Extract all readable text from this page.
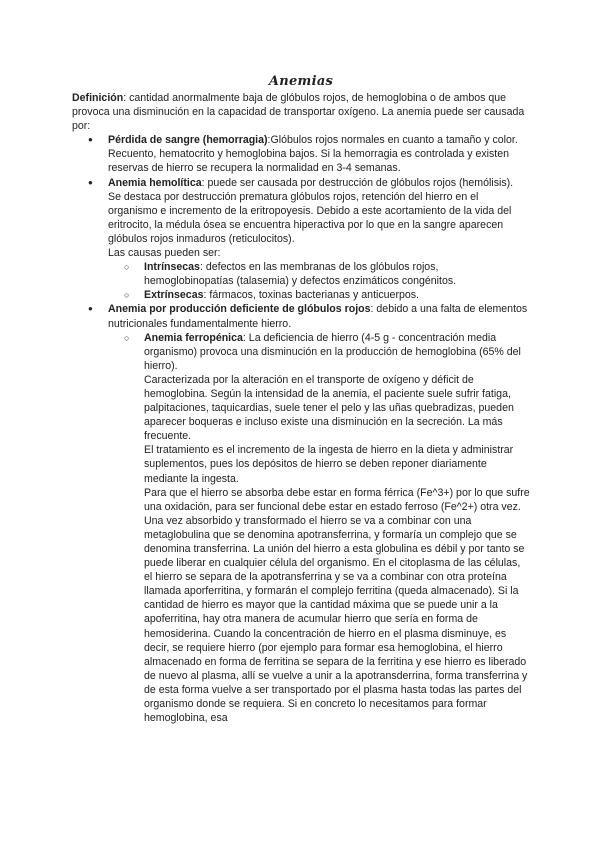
Anemias

Definición: cantidad anormalmente baja de glóbulos rojos, de hemoglobina o de ambos que provoca una disminución en la capacidad de transportar oxígeno. La anemia puede ser causada por:

● Pérdida de sangre (hemorragia):Glóbulos rojos normales en cuanto a tamaño y color. Recuento, hematocrito y hemoglobina bajos. Si la hemorragia es controlada y existen reservas de hierro se recupera la normalidad en 3-4 semanas.
● Anemia hemolítica: puede ser causada por destrucción de glóbulos rojos (hemólisis).

Se destaca por destrucción prematura glóbulos rojos, retención del hierro en el organismo e incremento de la eritropoyesis. Debido a este acortamiento de la vida del eritrocito, la médula ósea se encuentra hiperactiva por lo que en la sangre aparecen glóbulos rojos inmaduros (reticulocitos).

Las causas pueden ser:

○ Intrínsecas: defectos en las membranas de los glóbulos rojos, hemoglobinopatías (talasemia) y defectos enzimáticos congénitos.
○ Extrínsecas: fármacos, toxinas bacterianas y anticuerpos.
● Anemia por producción deficiente de glóbulos rojos: debido a una falta de elementos nutricionales fundamentalmente hierro.
○ Anemia ferropénica: La deficiencia de hierro (4-5 g - concentración media organismo) provoca una disminución en la producción de hemoglobina (65% del hierro).

Caracterizada por la alteración en el transporte de oxígeno y déficit de hemoglobina. Según la intensidad de la anemia, el paciente suele sufrir fatiga, palpitaciones, taquicardias, suele tener el pelo y las uñas quebradizas, pueden aparecer boqueras e incluso existe una disminución en la secreción. La más frecuente.

El tratamiento es el incremento de la ingesta de hierro en la dieta y administrar suplementos, pues los depósitos de hierro se deben reponer diariamente mediante la ingesta.

Para que el hierro se absorba debe estar en forma férrica (Fe^3+) por lo que sufre una oxidación, para ser funcional debe estar en estado ferroso (Fe^2+) otra vez. Una vez absorbido y transformado el hierro se va a combinar con una metaglobulina que se denomina apotransferrina, y formaría un complejo que se denomina transferrina. La unión del hierro a esta globulina es débil y por tanto se puede liberar en cualquier célula del organismo. En el citoplasma de las células, el hierro se separa de la apotransferrina y se va a combinar con otra proteína llamada aporferritina, y formarán el complejo ferritina (queda almacenado). Si la cantidad de hierro es mayor que la cantidad máxima que se puede unir a la apoferritina, hay otra manera de acumular hierro que sería en forma de hemosiderina. Cuando la concentración de hierro en el plasma disminuye, es decir, se requiere hierro (por ejemplo para formar esa hemoglobina, el hierro almacenado en forma de ferritina se separa de la ferritina y ese hierro es liberado de nuevo al plasma, allí se vuelve a unir a la apotransderrina, forma transferrina y de esta forma vuelve a ser transportado por el plasma hasta todas las partes del organismo donde se requiera. Si en concreto lo necesitamos para formar hemoglobina, esa
